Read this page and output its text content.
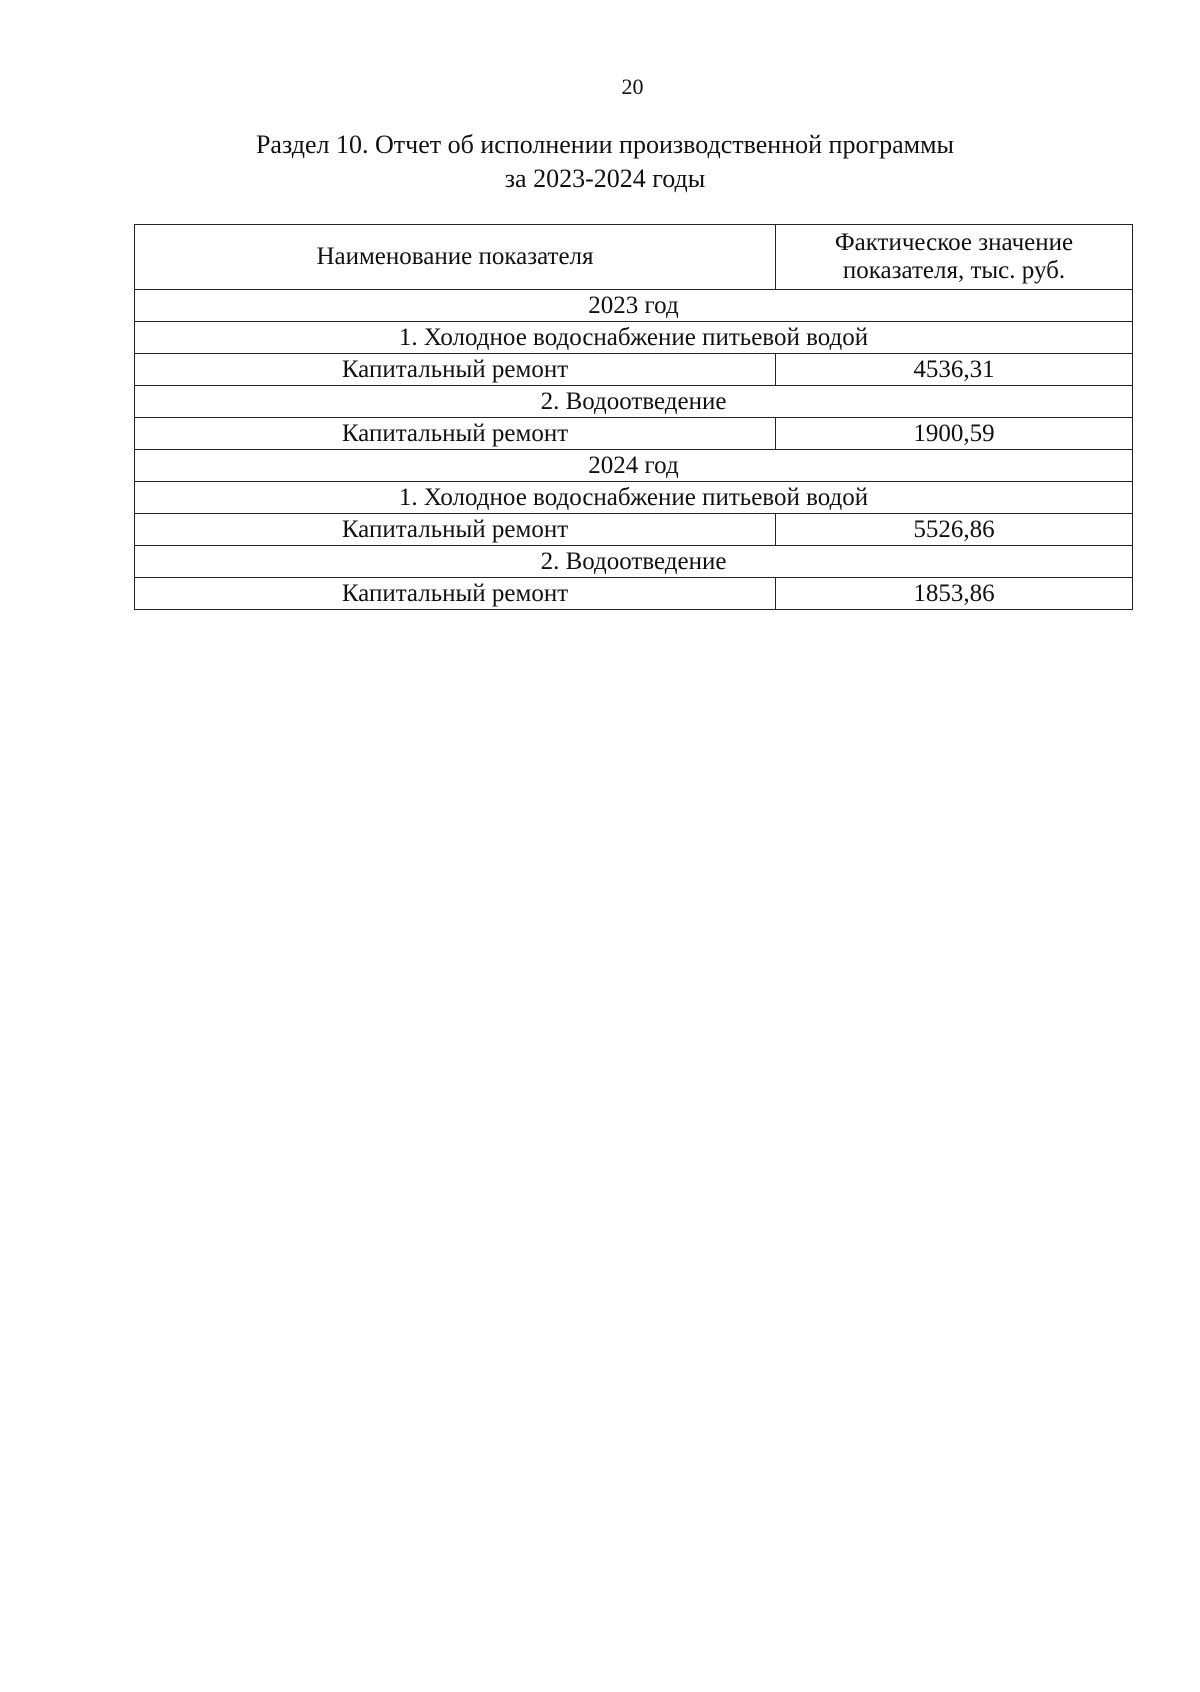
20
Раздел 10. Отчет об исполнении производственной программы
за 2023-2024 годы
Наименование показателя	Фактическое значение показателя, тыс. руб.
2023 год	
1. Холодное водоснабжение питьевой водой	
Капитальный ремонт	4536,31
2. Водоотведение	
Капитальный ремонт	1900,59
2024 год	
1. Холодное водоснабжение питьевой водой	
Капитальный ремонт	5526,86
2. Водоотведение	
Капитальный ремонт	1853,86
